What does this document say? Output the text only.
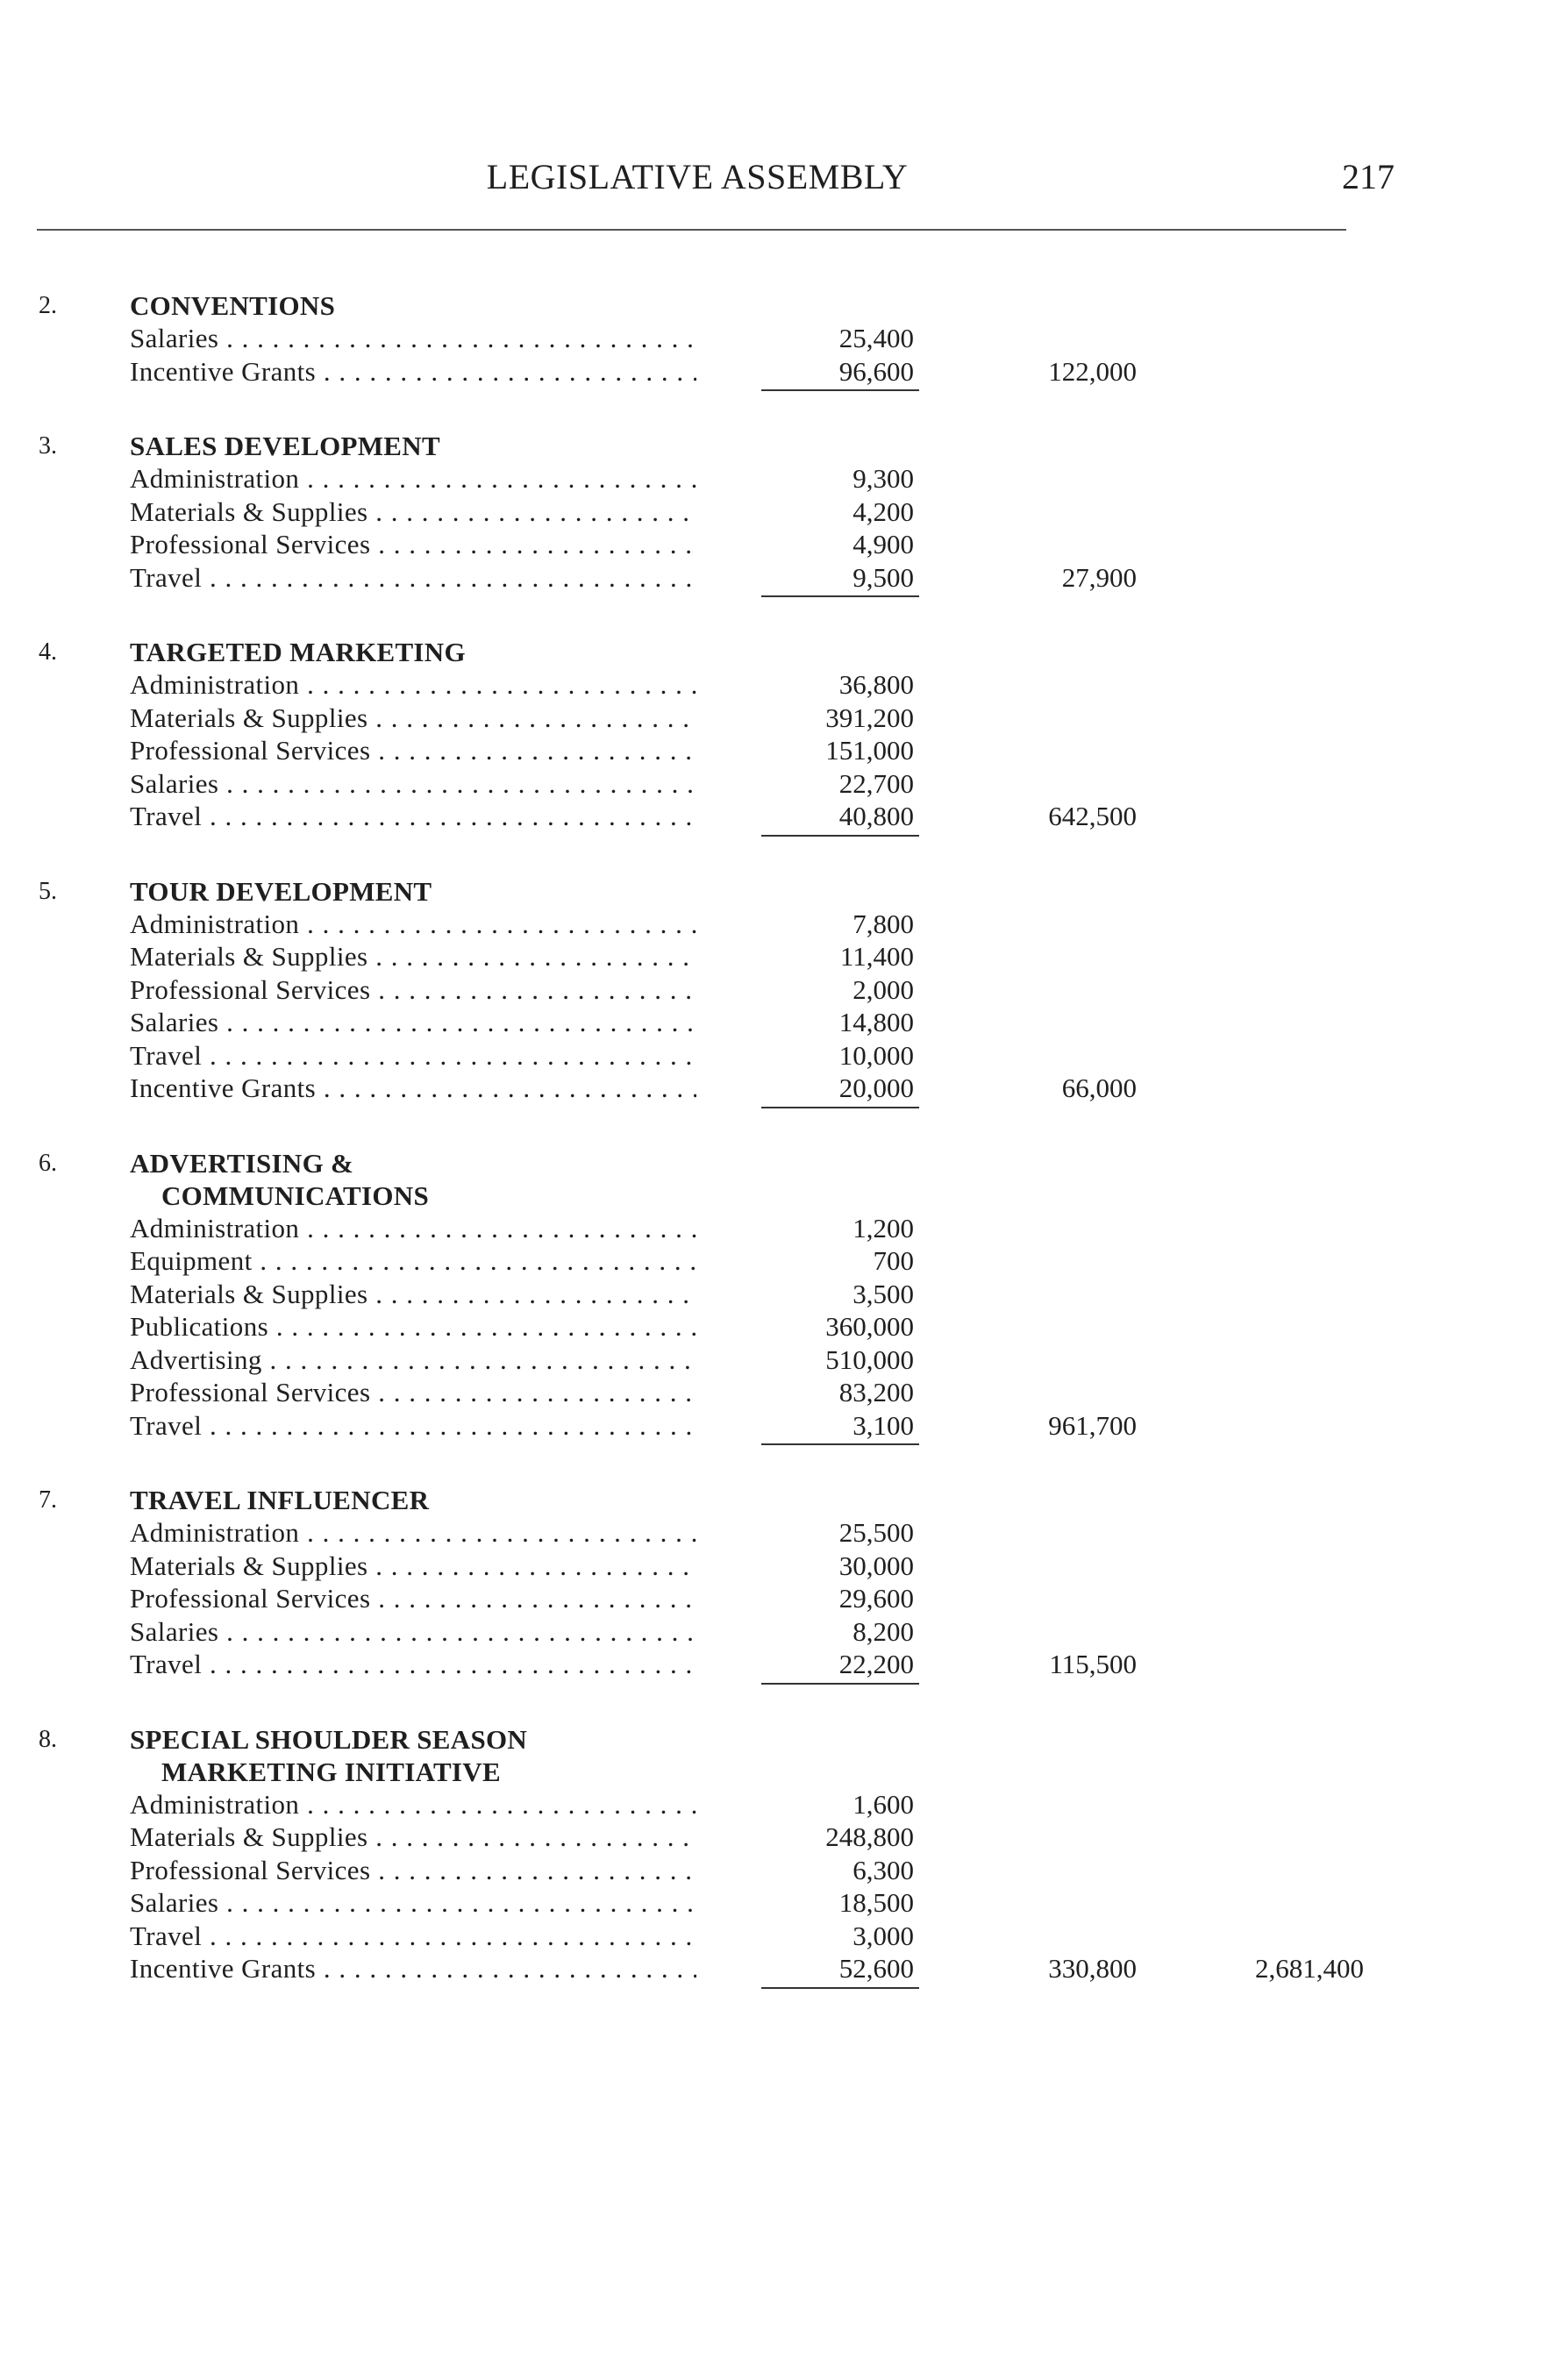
LEGISLATIVE ASSEMBLY	217
2.	CONVENTIONS
Salaries . . .	25,400
Incentive Grants . . .	96,600	122,000
3.	SALES DEVELOPMENT
Administration . . .	9,300
Materials & Supplies . . .	4,200
Professional Services . . .	4,900
Travel . . .	9,500	27,900
4.	TARGETED MARKETING
Administration . . .	36,800
Materials & Supplies . . .	391,200
Professional Services . . .	151,000
Salaries . . .	22,700
Travel . . .	40,800	642,500
5.	TOUR DEVELOPMENT
Administration . . .	7,800
Materials & Supplies . . .	11,400
Professional Services . . .	2,000
Salaries . . .	14,800
Travel . . .	10,000
Incentive Grants . . .	20,000	66,000
6.	ADVERTISING &
COMMUNICATIONS
Administration . . .	1,200
Equipment . . .	700
Materials & Supplies . . .	3,500
Publications . . .	360,000
Advertising . . .	510,000
Professional Services . . .	83,200
Travel . . .	3,100	961,700
7.	TRAVEL INFLUENCER
Administration . . .	25,500
Materials & Supplies . . .	30,000
Professional Services . . .	29,600
Salaries . . .	8,200
Travel . . .	22,200	115,500
8.	SPECIAL SHOULDER SEASON
MARKETING INITIATIVE
Administration . . .	1,600
Materials & Supplies . . .	248,800
Professional Services . . .	6,300
Salaries . . .	18,500
Travel . . .	3,000
Incentive Grants . . .	52,600	330,800	2,681,400
